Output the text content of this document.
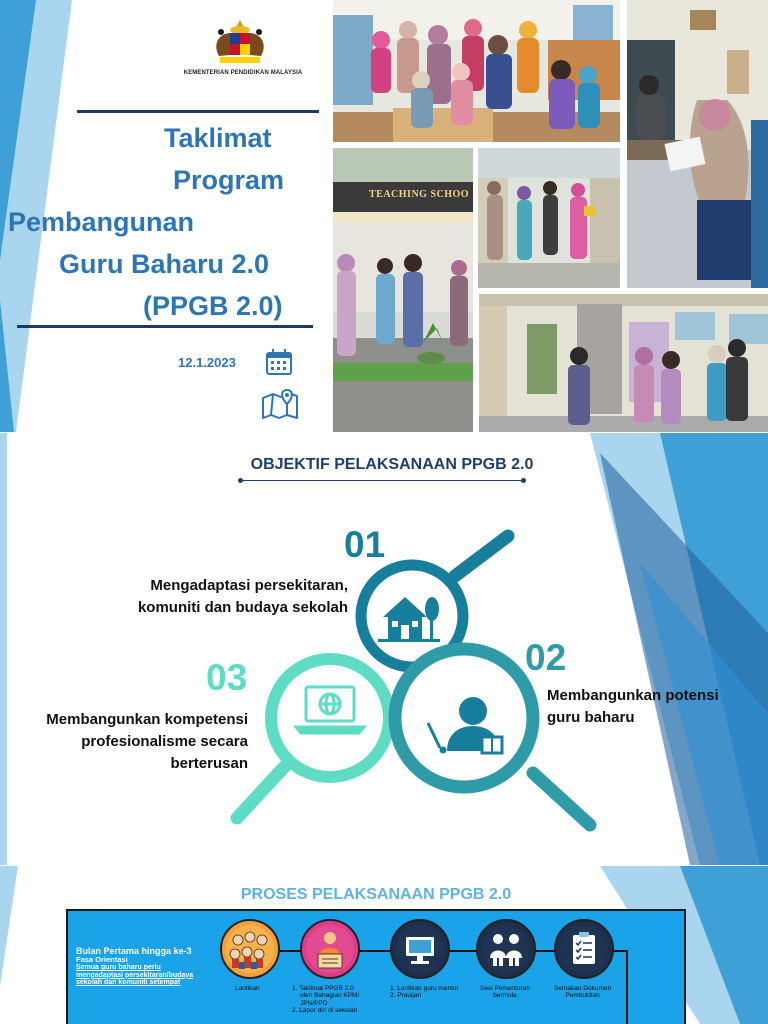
KEMENTERIAN PENDIDIKAN MALAYSIA
Taklimat
Program
Pembangunan
Guru Baharu 2.0
(PPGB 2.0)
12.1.2023
TEACHING SCHOO
OBJEKTIF PELAKSANAAN PPGB 2.0
01
02
03
Mengadaptasi persekitaran,
komuniti dan budaya sekolah
Membangunkan potensi
guru baharu
Membangunkan kompetensi
profesionalisme secara
berterusan
PROSES PELAKSANAAN PPGB 2.0
Bulan Pertama hingga ke-3
Fasa Orientasi
Semua guru baharu perlu mengadaptasi persekitaran/budaya sekolah dan komuniti setempat
Lantikan	1. Taklimat PPGB 2.0
oleh Bahagian KPM/
JPN/PPD
2. Lapor diri di sekolah
1. Lantikan guru mentor
2. Prauijan
Sesi Pementoran
bermula
Semakan Dokumen
Pembuktian
